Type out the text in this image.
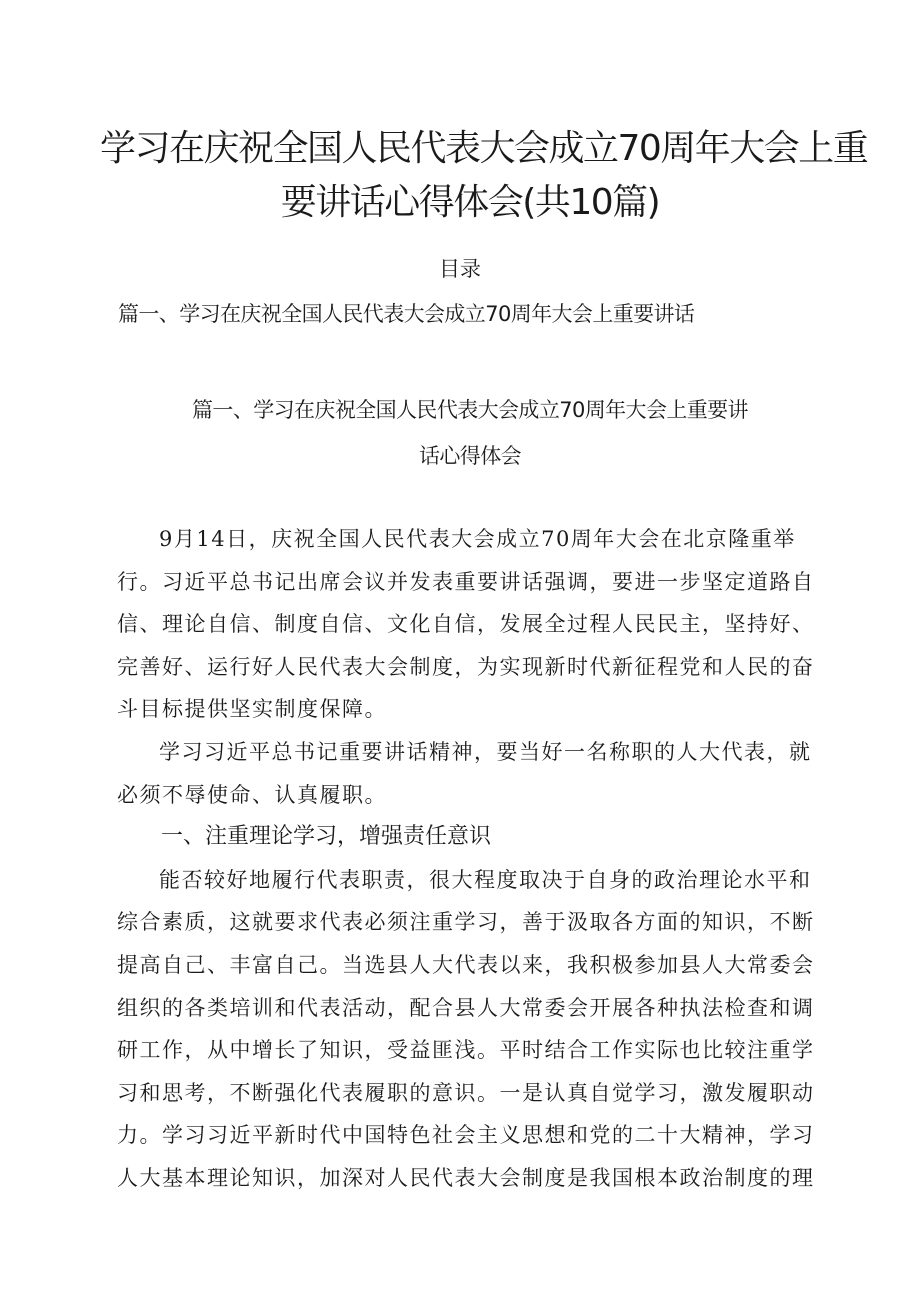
学习在庆祝全国人民代表大会成立70周年大会上重
要讲话心得体会(共10篇)
目录
篇一、学习在庆祝全国人民代表大会成立70周年大会上重要讲话
篇一、学习在庆祝全国人民代表大会成立70周年大会上重要讲
话心得体会

9月14日，庆祝全国人民代表大会成立70周年大会在北京隆重举行。习近平总书记出席会议并发表重要讲话强调，要进一步坚定道路自信、理论自信、制度自信、文化自信，发展全过程人民民主，坚持好、完善好、运行好人民代表大会制度，为实现新时代新征程党和人民的奋斗目标提供坚实制度保障。

学习习近平总书记重要讲话精神，要当好一名称职的人大代表，就必须不辱使命、认真履职。

一、注重理论学习，增强责任意识

能否较好地履行代表职责，很大程度取决于自身的政治理论水平和综合素质，这就要求代表必须注重学习，善于汲取各方面的知识，不断提高自己、丰富自己。当选县人大代表以来，我积极参加县人大常委会组织的各类培训和代表活动，配合县人大常委会开展各种执法检查和调研工作，从中增长了知识，受益匪浅。平时结合工作实际也比较注重学习和思考，不断强化代表履职的意识。一是认真自觉学习，激发履职动力。学习习近平新时代中国特色社会主义思想和党的二十大精神，学习人大基本理论知识，加深对人民代表大会制度是我国根本政治制度的理
